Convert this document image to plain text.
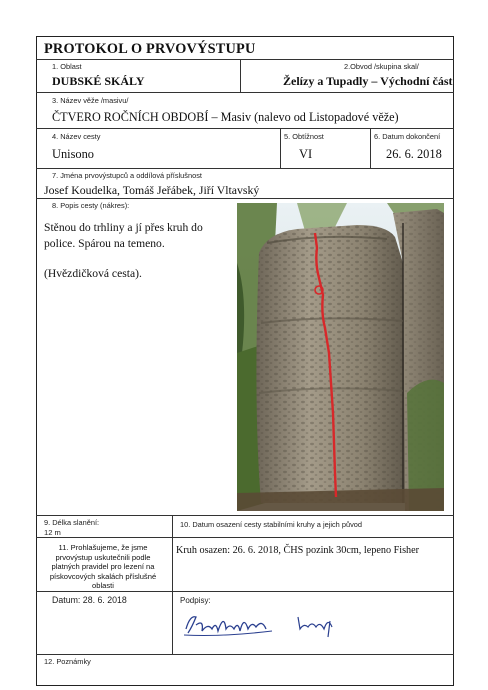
PROTOKOL O PRVOVÝSTUPU
1. Oblast
DUBSKÉ SKÁLY
2.Obvod /skupina skal/
Želízy a Tupadly – Východní část
3. Název věže /masivu/
ČTVERO ROČNÍCH OBDOBÍ – Masiv (nalevo od Listopadové věže)
4. Název cesty
Unisono
5. Obtížnost
VI
6. Datum dokončení
26. 6. 2018
7. Jména prvovýstupců a oddílová příslušnost
Josef Koudelka, Tomáš Jeřábek, Jiří Vltavský
8. Popis cesty (nákres):

Stěnou do trhliny a jí přes kruh do police. Spárou na temeno.

(Hvězdičková cesta).

9. Délka slanění:
12 m
10. Datum osazení cesty stabilními kruhy a jejich původ
11. Prohlašujeme, že jsme prvovýstup uskutečnili podle platných pravidel pro lezení na pískovcových skalách příslušné oblasti
Kruh osazen: 26. 6. 2018, ČHS pozink 30cm, lepeno Fisher
Datum: 28. 6. 2018	Podpisy:
12. Poznámky
